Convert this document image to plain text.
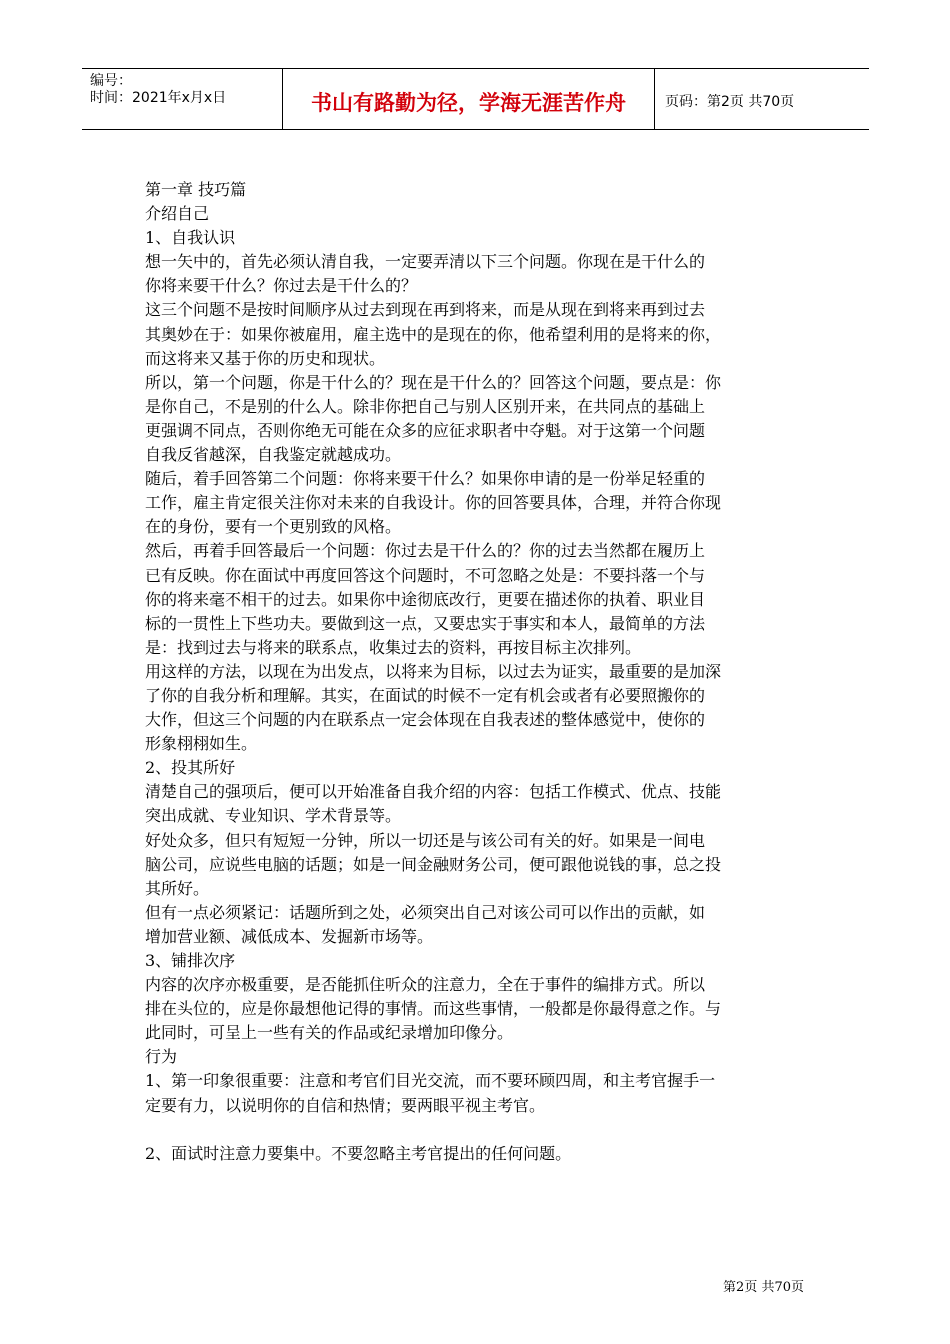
编号：
时间：2021年x月x日	书山有路勤为径，学海无涯苦作舟	页码：第2页 共70页

第一章 技巧篇

介绍自己

1、自我认识

想一矢中的，首先必须认清自我，一定要弄清以下三个问题。你现在是干什么的

你将来要干什么？你过去是干什么的？

这三个问题不是按时间顺序从过去到现在再到将来，而是从现在到将来再到过去

其奥妙在于：如果你被雇用，雇主选中的是现在的你，他希望利用的是将来的你，

而这将来又基于你的历史和现状。

所以，第一个问题，你是干什么的？现在是干什么的？回答这个问题，要点是：你

是你自己，不是别的什么人。除非你把自己与别人区别开来，在共同点的基础上

更强调不同点，否则你绝无可能在众多的应征求职者中夺魁。对于这第一个问题

自我反省越深，自我鉴定就越成功。

随后，着手回答第二个问题：你将来要干什么？如果你申请的是一份举足轻重的

工作，雇主肯定很关注你对未来的自我设计。你的回答要具体，合理，并符合你现

在的身份，要有一个更别致的风格。

然后，再着手回答最后一个问题：你过去是干什么的？你的过去当然都在履历上

已有反映。你在面试中再度回答这个问题时，不可忽略之处是：不要抖落一个与

你的将来毫不相干的过去。如果你中途彻底改行，更要在描述你的执着、职业目

标的一贯性上下些功夫。要做到这一点，又要忠实于事实和本人，最简单的方法

是：找到过去与将来的联系点，收集过去的资料，再按目标主次排列。

用这样的方法，以现在为出发点，以将来为目标，以过去为证实，最重要的是加深

了你的自我分析和理解。其实，在面试的时候不一定有机会或者有必要照搬你的

大作，但这三个问题的内在联系点一定会体现在自我表述的整体感觉中，使你的

形象栩栩如生。

2、投其所好

清楚自己的强项后，便可以开始准备自我介绍的内容：包括工作模式、优点、技能

突出成就、专业知识、学术背景等。

好处众多，但只有短短一分钟，所以一切还是与该公司有关的好。如果是一间电

脑公司，应说些电脑的话题；如是一间金融财务公司，便可跟他说钱的事，总之投

其所好。

但有一点必须紧记：话题所到之处，必须突出自己对该公司可以作出的贡献，如

增加营业额、减低成本、发掘新市场等。

3、铺排次序

内容的次序亦极重要，是否能抓住听众的注意力，全在于事件的编排方式。所以

排在头位的，应是你最想他记得的事情。而这些事情，一般都是你最得意之作。与

此同时，可呈上一些有关的作品或纪录增加印像分。

行为

1、第一印象很重要：注意和考官们目光交流，而不要环顾四周，和主考官握手一

定要有力，以说明你的自信和热情；要两眼平视主考官。

2、面试时注意力要集中。不要忽略主考官提出的任何问题。

第2页 共70页
